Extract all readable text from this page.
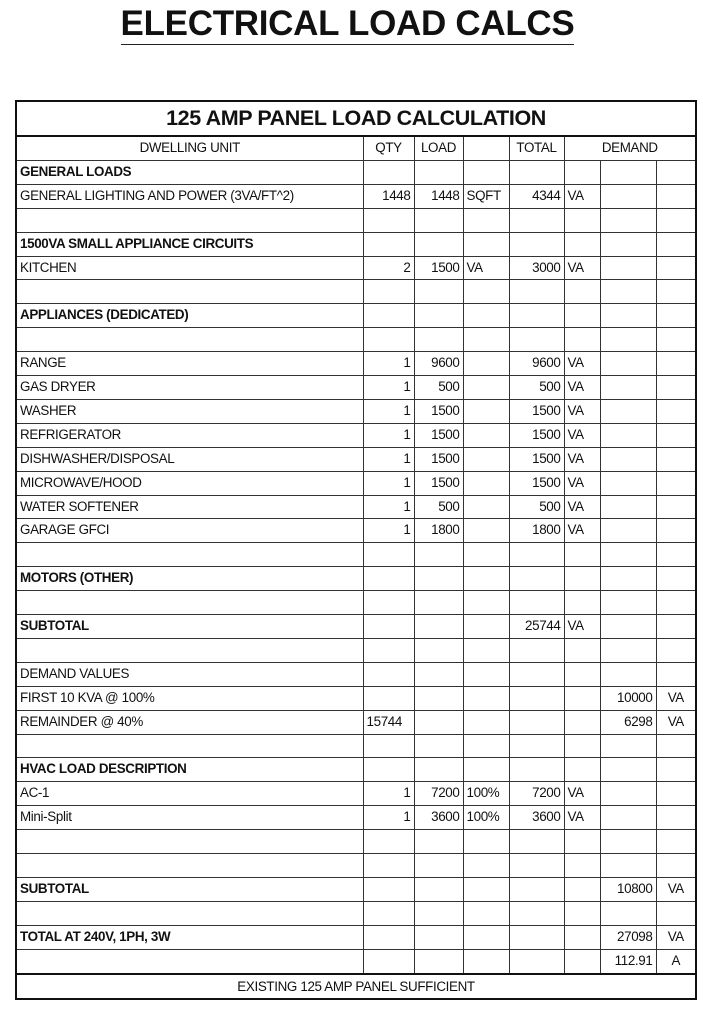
ELECTRICAL LOAD CALCS
125 AMP PANEL LOAD CALCULATION							
DWELLING UNIT	QTY	LOAD		TOTAL	DEMAND		
GENERAL LOADS							
GENERAL LIGHTING AND POWER (3VA/FT^2)	1448	1448	SQFT	4344	VA		

1500VA SMALL APPLIANCE CIRCUITS							
KITCHEN	2	1500	VA	3000	VA		

APPLIANCES (DEDICATED)							

RANGE	1	9600		9600	VA		
GAS DRYER	1	500		500	VA		
WASHER	1	1500		1500	VA		
REFRIGERATOR	1	1500		1500	VA		
DISHWASHER/DISPOSAL	1	1500		1500	VA		
MICROWAVE/HOOD	1	1500		1500	VA		
WATER SOFTENER	1	500		500	VA		
GARAGE GFCI	1	1800		1800	VA		

MOTORS (OTHER)							

SUBTOTAL				25744	VA		

DEMAND VALUES							
FIRST 10 KVA @ 100%						10000	VA
REMAINDER @ 40%	15744					6298	VA

HVAC LOAD DESCRIPTION							
AC-1	1	7200	100%	7200	VA		
Mini-Split	1	3600	100%	3600	VA		

SUBTOTAL						10800	VA

TOTAL AT 240V, 1PH, 3W						27098	VA
						112.91	A
EXISTING 125 AMP PANEL SUFFICIENT							
